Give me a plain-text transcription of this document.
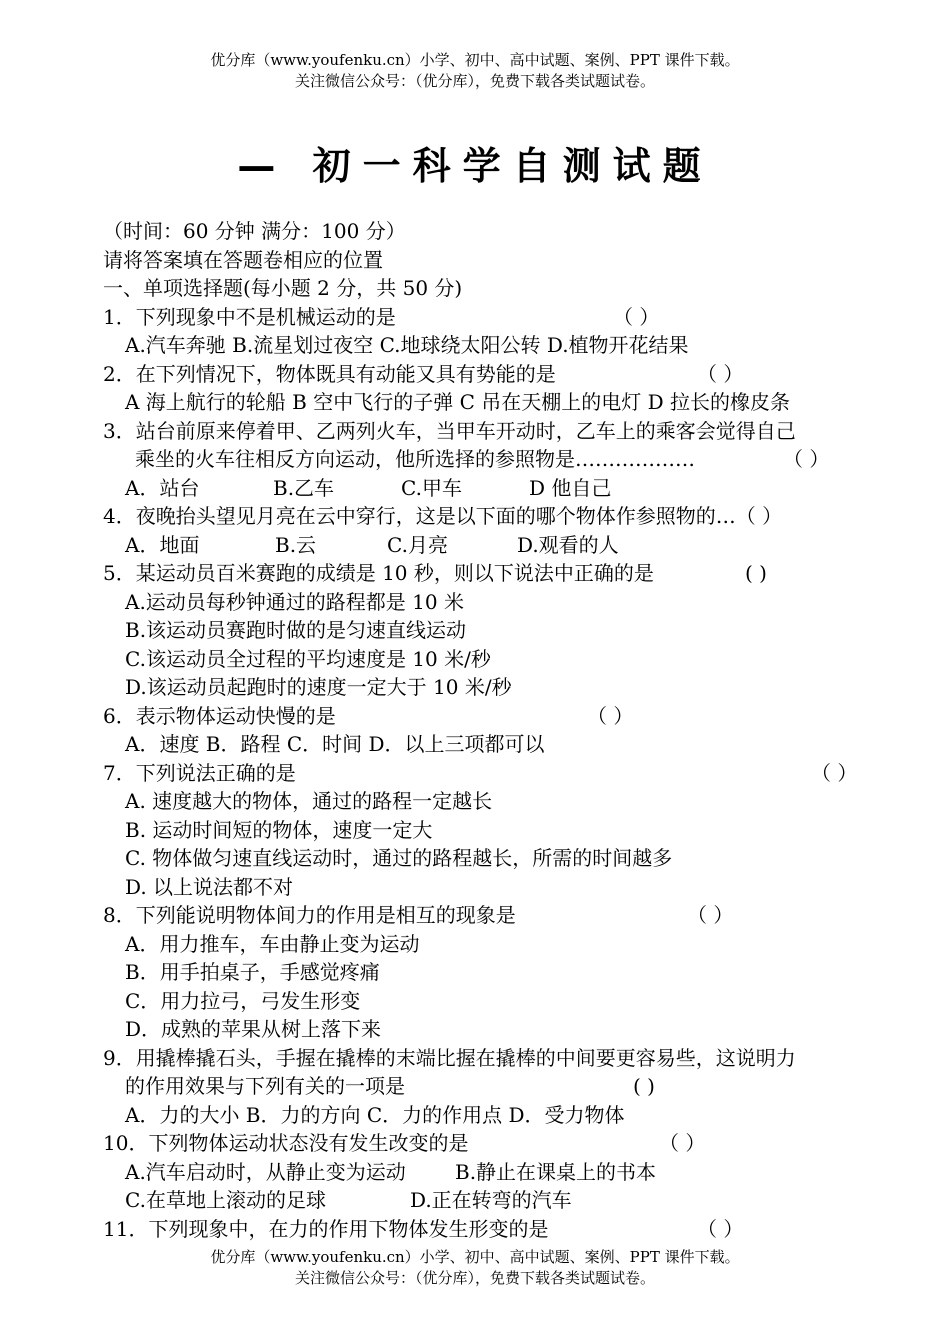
优分库（www.youfenku.cn）小学、初中、高中试题、案例、PPT 课件下载。
关注微信公众号：（优分库），免费下载各类试题试卷。
— 初一科学自测试题
（时间：60 分钟 满分：100 分）
请将答案填在答题卷相应的位置
一、单项选择题(每小题 2 分，共 50 分)
1．下列现象中不是机械运动的是	（ ）
A.汽车奔驰 B.流星划过夜空 C.地球绕太阳公转 D.植物开花结果
2．在下列情况下，物体既具有动能又具有势能的是	（ ）
A 海上航行的轮船 B 空中飞行的子弹 C 吊在天棚上的电灯 D 拉长的橡皮条
3．站台前原来停着甲、乙两列火车，当甲车开动时，乙车上的乘客会觉得自己
乘坐的火车往相反方向运动，他所选择的参照物是………………	（ ）
A．站台	B.乙车	C.甲车	D 他自己
4．夜晚抬头望见月亮在云中穿行，这是以下面的哪个物体作参照物的…（ ）
A．地面	B.云	C.月亮	D.观看的人
5．某运动员百米赛跑的成绩是 10 秒，则以下说法中正确的是	( )
A.运动员每秒钟通过的路程都是 10 米
B.该运动员赛跑时做的是匀速直线运动
C.该运动员全过程的平均速度是 10 米/秒
D.该运动员起跑时的速度一定大于 10 米/秒
6．表示物体运动快慢的是	（ ）
A．速度 B．路程 C．时间 D．以上三项都可以
7．下列说法正确的是	（ ）
A. 速度越大的物体，通过的路程一定越长
B. 运动时间短的物体，速度一定大
C. 物体做匀速直线运动时，通过的路程越长，所需的时间越多
D. 以上说法都不对
8．下列能说明物体间力的作用是相互的现象是	（ ）
A．用力推车，车由静止变为运动
B．用手拍桌子，手感觉疼痛
C．用力拉弓，弓发生形变
D．成熟的苹果从树上落下来
9．用撬棒撬石头，手握在撬棒的末端比握在撬棒的中间要更容易些，这说明力
的作用效果与下列有关的一项是	( )
A．力的大小 B．力的方向 C．力的作用点 D．受力物体
10．下列物体运动状态没有发生改变的是	（ ）
A.汽车启动时，从静止变为运动 B.静止在课桌上的书本
C.在草地上滚动的足球	D.正在转弯的汽车
11．下列现象中，在力的作用下物体发生形变的是	（ ）
优分库（www.youfenku.cn）小学、初中、高中试题、案例、PPT 课件下载。
关注微信公众号：（优分库），免费下载各类试题试卷。
